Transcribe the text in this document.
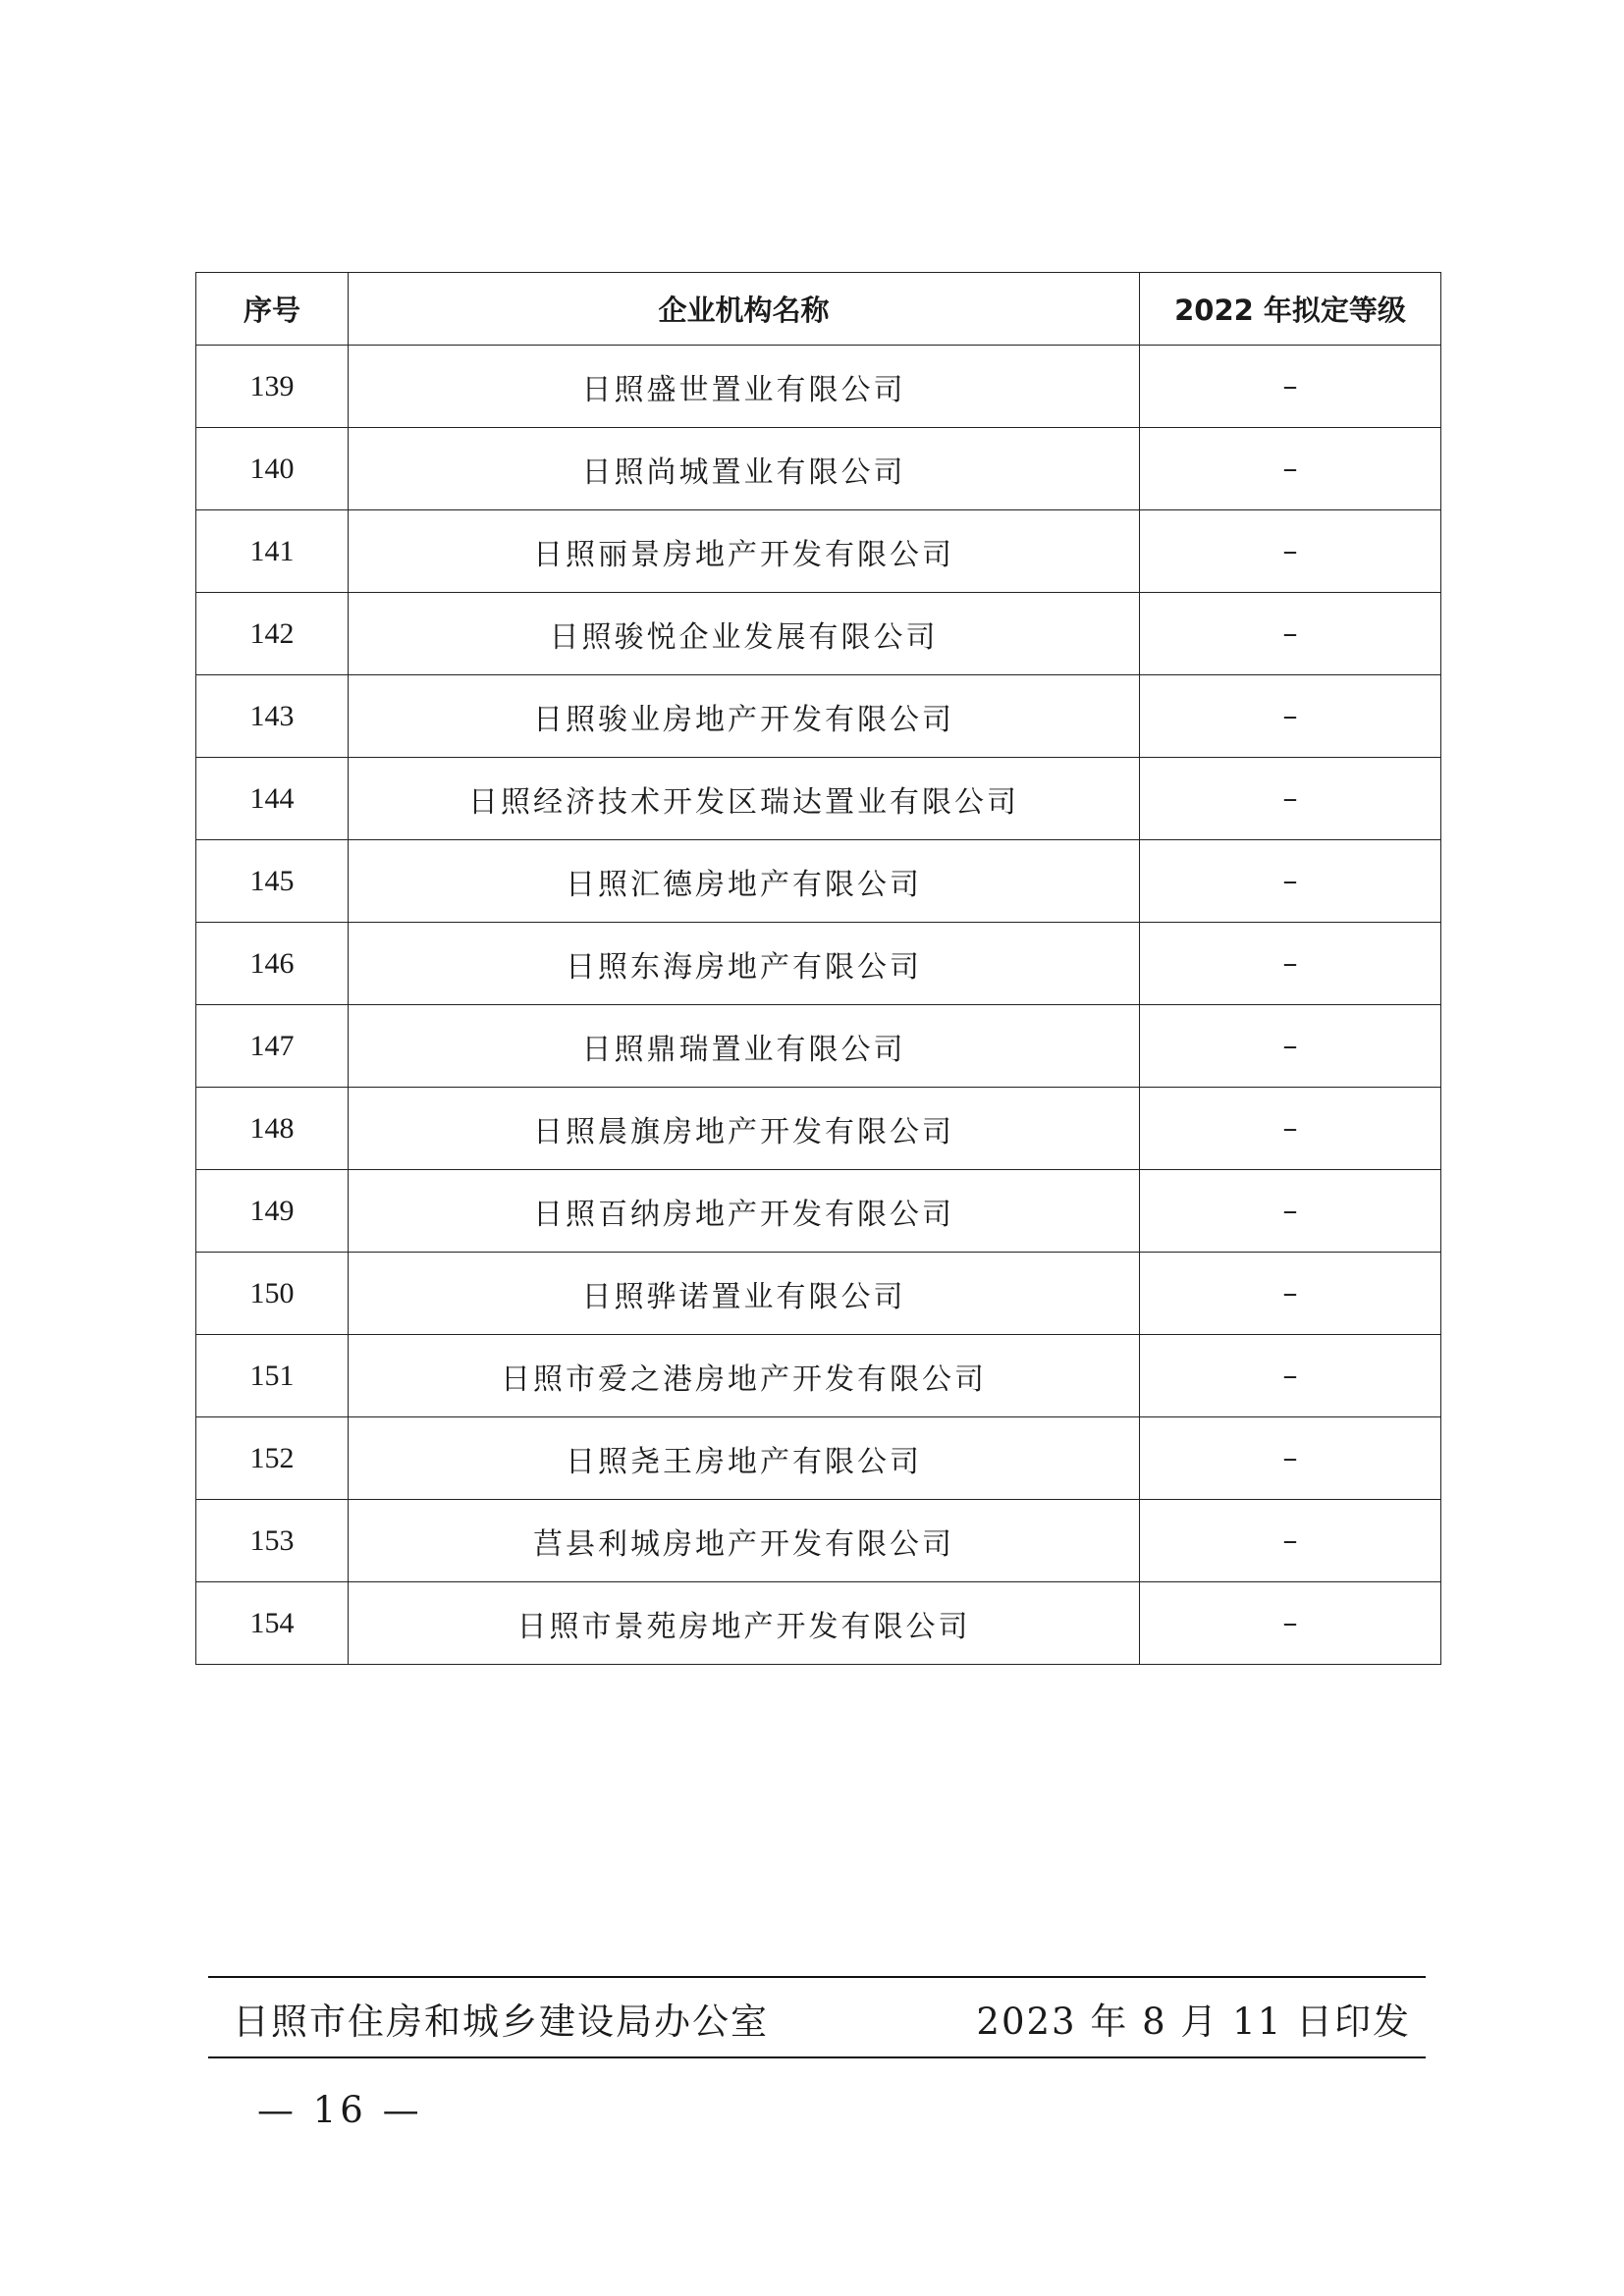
序号	企业机构名称	2022 年拟定等级
139	日照盛世置业有限公司	–
140	日照尚城置业有限公司	–
141	日照丽景房地产开发有限公司	–
142	日照骏悦企业发展有限公司	–
143	日照骏业房地产开发有限公司	–
144	日照经济技术开发区瑞达置业有限公司	–
145	日照汇德房地产有限公司	–
146	日照东海房地产有限公司	–
147	日照鼎瑞置业有限公司	–
148	日照晨旗房地产开发有限公司	–
149	日照百纳房地产开发有限公司	–
150	日照骅诺置业有限公司	–
151	日照市爱之港房地产开发有限公司	–
152	日照尧王房地产有限公司	–
153	莒县利城房地产开发有限公司	–
154	日照市景苑房地产开发有限公司	–
日照市住房和城乡建设局办公室	2023 年 8 月 11 日印发
— 16 —
